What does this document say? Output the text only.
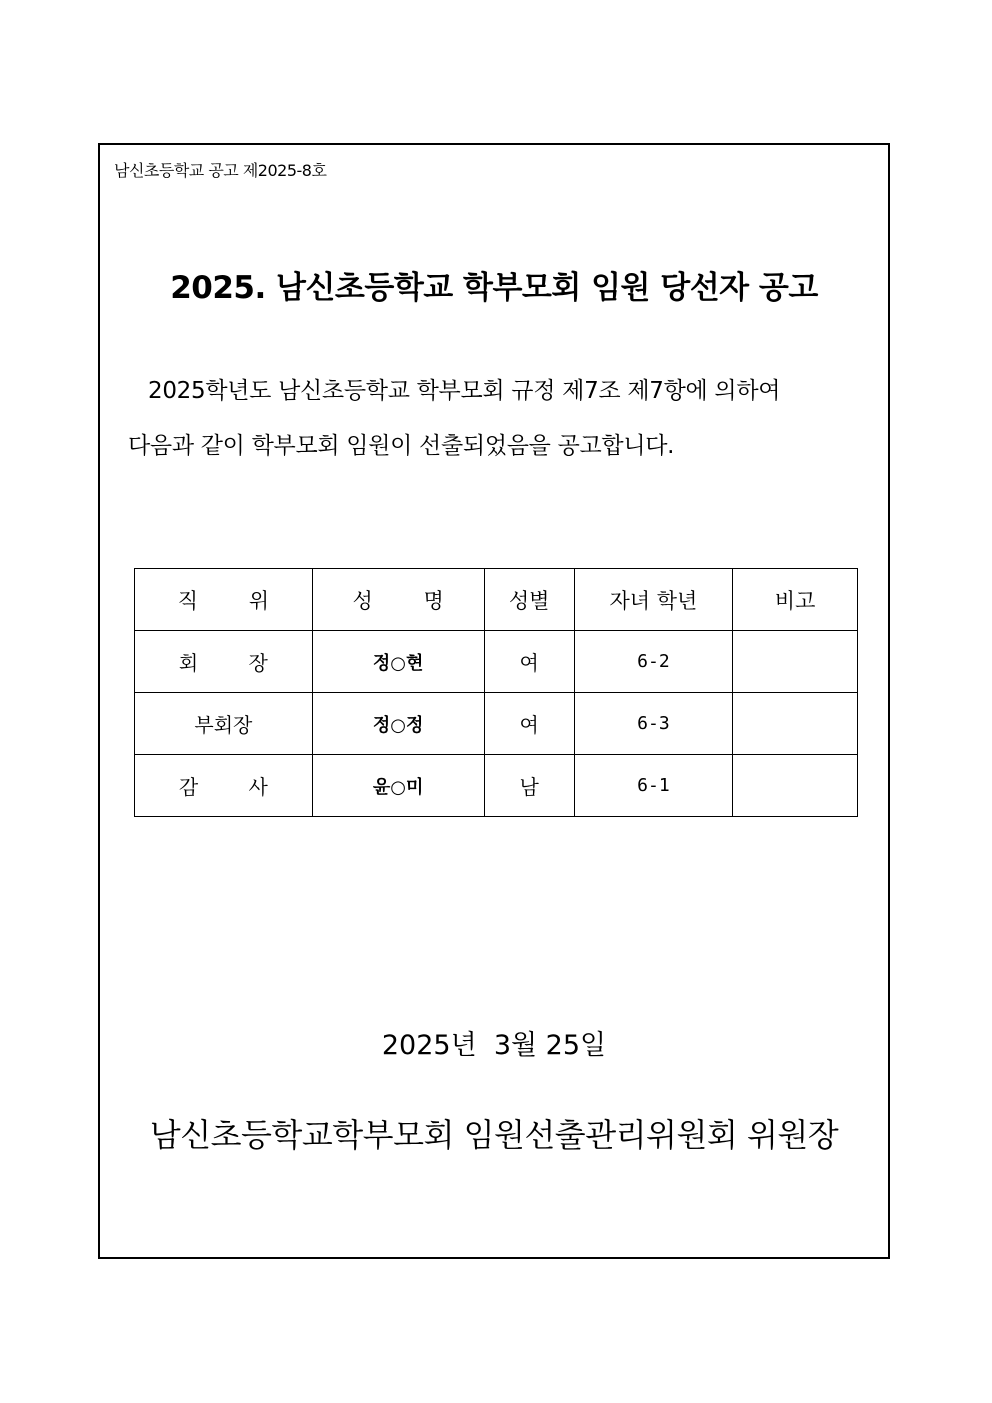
남신초등학교 공고 제2025-8호
2025. 남신초등학교 학부모회 임원 당선자 공고
2025학년도 남신초등학교 학부모회 규정 제7조 제7항에 의하여
다음과 같이 학부모회 임원이 선출되었음을 공고합니다.
직 위	성 명	성별	자녀 학년	비고
회 장	정○현	여	6-2	
부회장	정○정	여	6-3	
감 사	윤○미	남	6-1	
2025년  3월 25일
남신초등학교학부모회 임원선출관리위원회 위원장
